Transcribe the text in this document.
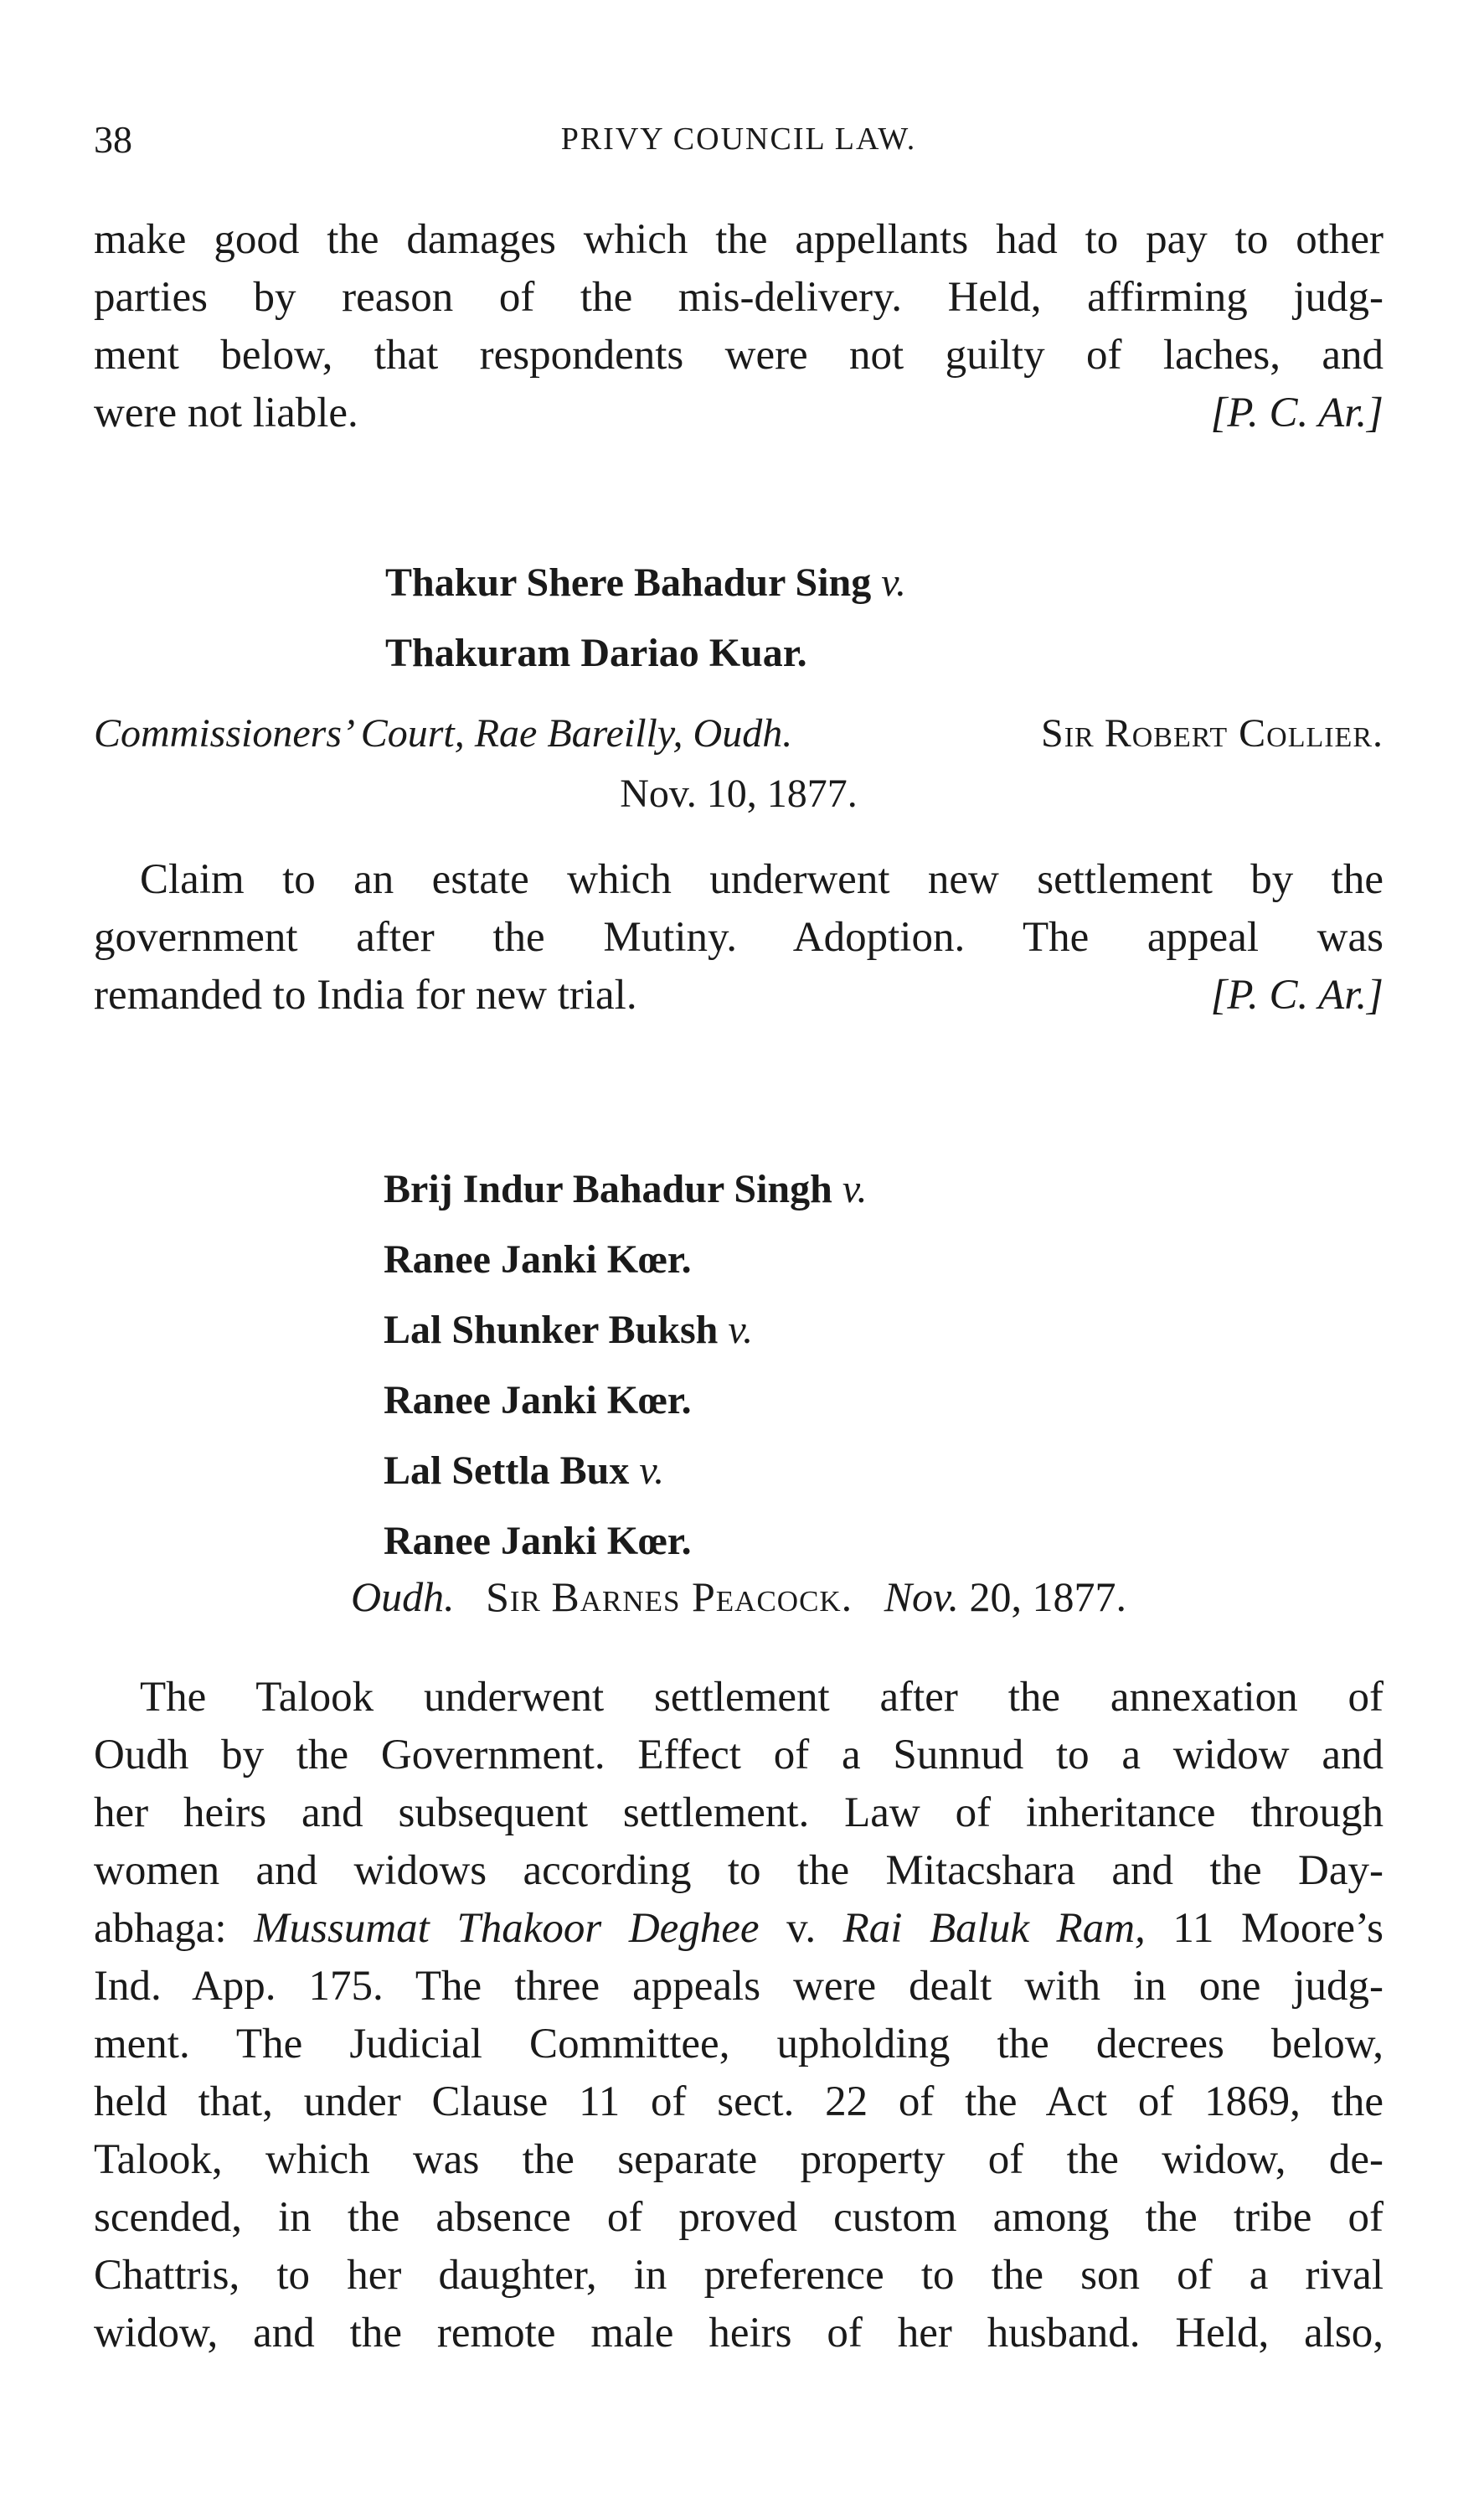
38	PRIVY COUNCIL LAW.

make good the damages which the appellants had to pay to other
parties by reason of the mis-delivery. Held, affirming judg-
ment below, that respondents were not guilty of laches, and
were not liable.	[P. C. Ar.]

Thakur Shere Bahadur Sing v.
Thakuram Dariao Kuar.
Commissioners’ Court, Rae Bareilly, Oudh.	Sir Robert Collier.
Nov. 10, 1877.

Claim to an estate which underwent new settlement by the

government after the Mutiny. Adoption. The appeal was
remanded to India for new trial.	[P. C. Ar.]

Brij Indur Bahadur Singh v.
Ranee Janki Kœr.
Lal Shunker Buksh v.
Ranee Janki Kœr.
Lal Settla Bux v.
Ranee Janki Kœr.
Oudh. Sir Barnes Peacock. Nov. 20, 1877.

The Talook underwent settlement after the annexation of

Oudh by the Government. Effect of a Sunnud to a widow and
her heirs and subsequent settlement. Law of inheritance through
women and widows according to the Mitacshara and the Day-
abhaga: Mussumat Thakoor Deghee v. Rai Baluk Ram, 11 Moore’s
Ind. App. 175. The three appeals were dealt with in one judg-
ment. The Judicial Committee, upholding the decrees below,
held that, under Clause 11 of sect. 22 of the Act of 1869, the
Talook, which was the separate property of the widow, de-
scended, in the absence of proved custom among the tribe of
Chattris, to her daughter, in preference to the son of a rival
widow, and the remote male heirs of her husband. Held, also,
